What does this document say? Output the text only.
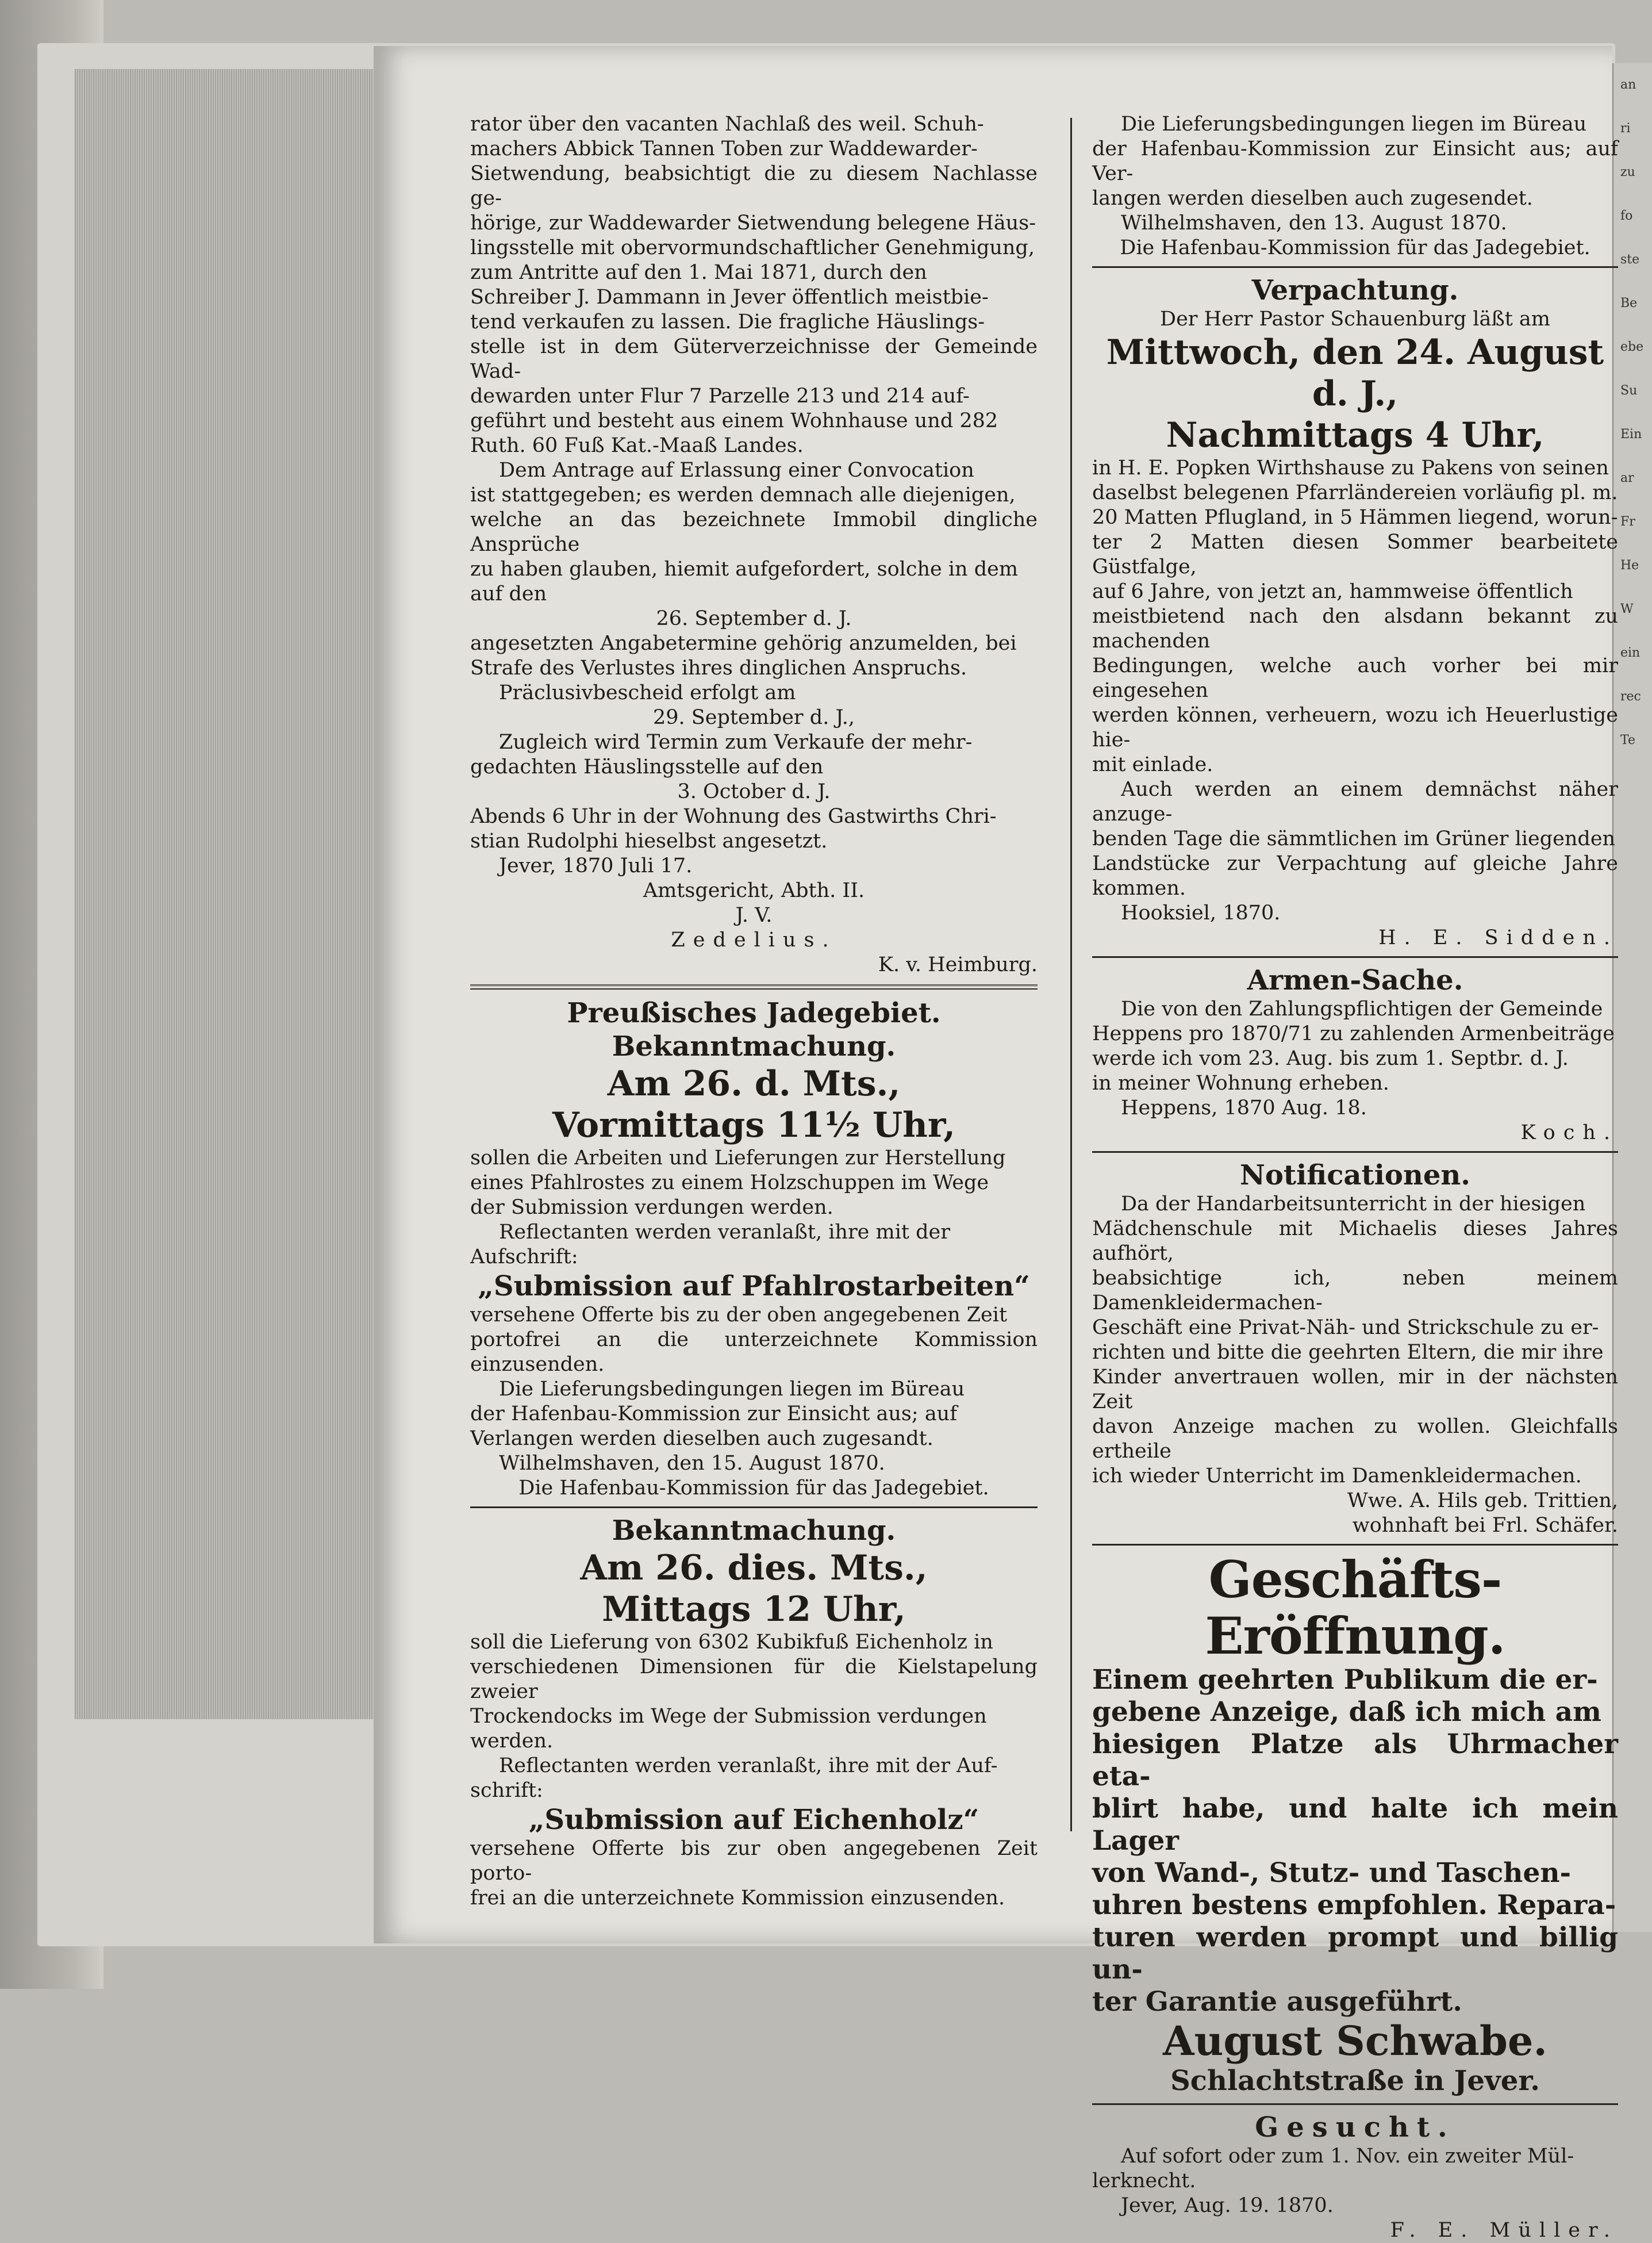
an
ri
zu
fo
ste
Be
ebe
Su
Ein
ar
Fr
He
W
ein
rec
Te

rator über den vacanten Nachlaß des weil. Schuh-

machers Abbick Tannen Toben zur Waddewarder-

Sietwendung, beabsichtigt die zu diesem Nachlasse ge-

hörige, zur Waddewarder Sietwendung belegene Häus-

lingsstelle mit obervormundschaftlicher Genehmigung,

zum Antritte auf den 1. Mai 1871, durch den

Schreiber J. Dammann in Jever öffentlich meistbie-

tend verkaufen zu lassen. Die fragliche Häuslings-

stelle ist in dem Güterverzeichnisse der Gemeinde Wad-

dewarden unter Flur 7 Parzelle 213 und 214 auf-

geführt und besteht aus einem Wohnhause und 282

Ruth. 60 Fuß Kat.-Maaß Landes.

Dem Antrage auf Erlassung einer Convocation

ist stattgegeben; es werden demnach alle diejenigen,

welche an das bezeichnete Immobil dingliche Ansprüche

zu haben glauben, hiemit aufgefordert, solche in dem

auf den

26. September d. J.

angesetzten Angabetermine gehörig anzumelden, bei

Strafe des Verlustes ihres dinglichen Anspruchs.

Präclusivbescheid erfolgt am

29. September d. J.,

Zugleich wird Termin zum Verkaufe der mehr-

gedachten Häuslingsstelle auf den

3. October d. J.

Abends 6 Uhr in der Wohnung des Gastwirths Chri-

stian Rudolphi hieselbst angesetzt.

Jever, 1870 Juli 17.

Amtsgericht, Abth. II.

J. V.

Zedelius.

K. v. Heimburg.

Preußisches Jadegebiet.

Bekanntmachung.

Am 26. d. Mts.,

Vormittags 11½ Uhr,

sollen die Arbeiten und Lieferungen zur Herstellung

eines Pfahlrostes zu einem Holzschuppen im Wege

der Submission verdungen werden.

Reflectanten werden veranlaßt, ihre mit der

Aufschrift:

„Submission auf Pfahlrostarbeiten“

versehene Offerte bis zu der oben angegebenen Zeit

portofrei an die unterzeichnete Kommission einzusenden.

Die Lieferungsbedingungen liegen im Büreau

der Hafenbau-Kommission zur Einsicht aus; auf

Verlangen werden dieselben auch zugesandt.

Wilhelmshaven, den 15. August 1870.

Die Hafenbau-Kommission für das Jadegebiet.

Bekanntmachung.

Am 26. dies. Mts.,

Mittags 12 Uhr,

soll die Lieferung von 6302 Kubikfuß Eichenholz in

verschiedenen Dimensionen für die Kielstapelung zweier

Trockendocks im Wege der Submission verdungen

werden.

Reflectanten werden veranlaßt, ihre mit der Auf-

schrift:

„Submission auf Eichenholz“

versehene Offerte bis zur oben angegebenen Zeit porto-

frei an die unterzeichnete Kommission einzusenden.

Die Lieferungsbedingungen liegen im Büreau

der Hafenbau-Kommission zur Einsicht aus; auf Ver-

langen werden dieselben auch zugesendet.

Wilhelmshaven, den 13. August 1870.

Die Hafenbau-Kommission für das Jadegebiet.

Verpachtung.

Der Herr Pastor Schauenburg läßt am

Mittwoch, den 24. August d. J.,

Nachmittags 4 Uhr,

in H. E. Popken Wirthshause zu Pakens von seinen

daselbst belegenen Pfarrländereien vorläufig pl. m.

20 Matten Pflugland, in 5 Hämmen liegend, worun-

ter 2 Matten diesen Sommer bearbeitete Güstfalge,

auf 6 Jahre, von jetzt an, hammweise öffentlich

meistbietend nach den alsdann bekannt zu machenden

Bedingungen, welche auch vorher bei mir eingesehen

werden können, verheuern, wozu ich Heuerlustige hie-

mit einlade.

Auch werden an einem demnächst näher anzuge-

benden Tage die sämmtlichen im Grüner liegenden

Landstücke zur Verpachtung auf gleiche Jahre kommen.

Hooksiel, 1870.

H. E. Sidden.

Armen-Sache.

Die von den Zahlungspflichtigen der Gemeinde

Heppens pro 1870/71 zu zahlenden Armenbeiträge

werde ich vom 23. Aug. bis zum 1. Septbr. d. J.

in meiner Wohnung erheben.

Heppens, 1870 Aug. 18.

Koch.

Notificationen.

Da der Handarbeitsunterricht in der hiesigen

Mädchenschule mit Michaelis dieses Jahres aufhört,

beabsichtige ich, neben meinem Damenkleidermachen-

Geschäft eine Privat-Näh- und Strickschule zu er-

richten und bitte die geehrten Eltern, die mir ihre

Kinder anvertrauen wollen, mir in der nächsten Zeit

davon Anzeige machen zu wollen. Gleichfalls ertheile

ich wieder Unterricht im Damenkleidermachen.

Wwe. A. Hils geb. Trittien,

wohnhaft bei Frl. Schäfer.

Geschäfts-Eröffnung.

Einem geehrten Publikum die er-

gebene Anzeige, daß ich mich am

hiesigen Platze als Uhrmacher eta-

blirt habe, und halte ich mein Lager

von Wand-, Stutz- und Taschen-

uhren bestens empfohlen. Repara-

turen werden prompt und billig un-

ter Garantie ausgeführt.

August Schwabe.

Schlachtstraße in Jever.

Gesucht.

Auf sofort oder zum 1. Nov. ein zweiter Mül-

lerknecht.

Jever, Aug. 19. 1870.

F. E. Müller.
